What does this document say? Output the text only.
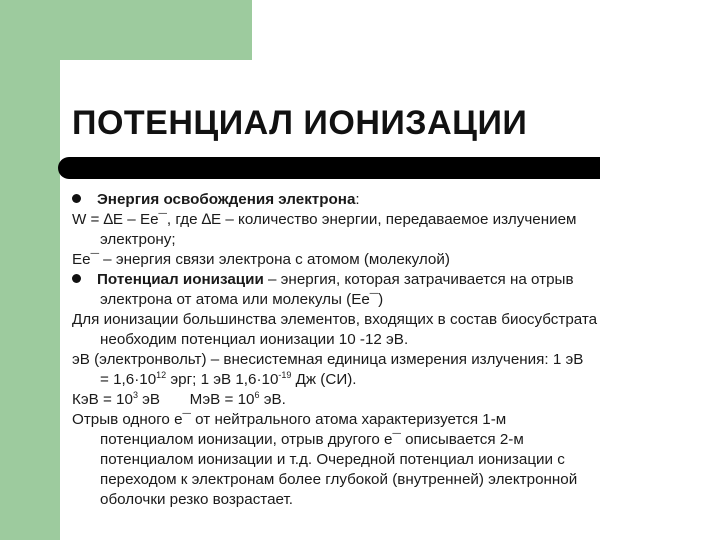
ПОТЕНЦИАЛ ИОНИЗАЦИИ

Энергия освобождения электрона:

W = ∆E – Ee¯, где ∆E – количество энергии, передаваемое излучением

электрону;

Ee¯ – энергия связи электрона с атомом (молекулой)

Потенциал ионизации – энергия, которая затрачивается на отрыв

электрона от атома или молекулы (Ee¯)

Для ионизации большинства элементов, входящих в состав биосубстрата

необходим потенциал ионизации 10 -12 эВ.

эВ (электронвольт) – внесистемная единица измерения излучения: 1 эВ

= $1,6\cdot 10^{12}$ эрг; 1 эВ $1,6\cdot 10^{-19}$ Дж (СИ).

КэВ = $10^3$ эВ       МэВ = $10^6$ эВ.

Отрыв одного е¯ от нейтрального атома характеризуется 1-м

потенциалом ионизации, отрыв другого е¯ описывается 2-м

потенциалом ионизации и т.д. Очередной потенциал ионизации с

переходом к электронам более глубокой (внутренней) электронной

оболочки резко возрастает.
